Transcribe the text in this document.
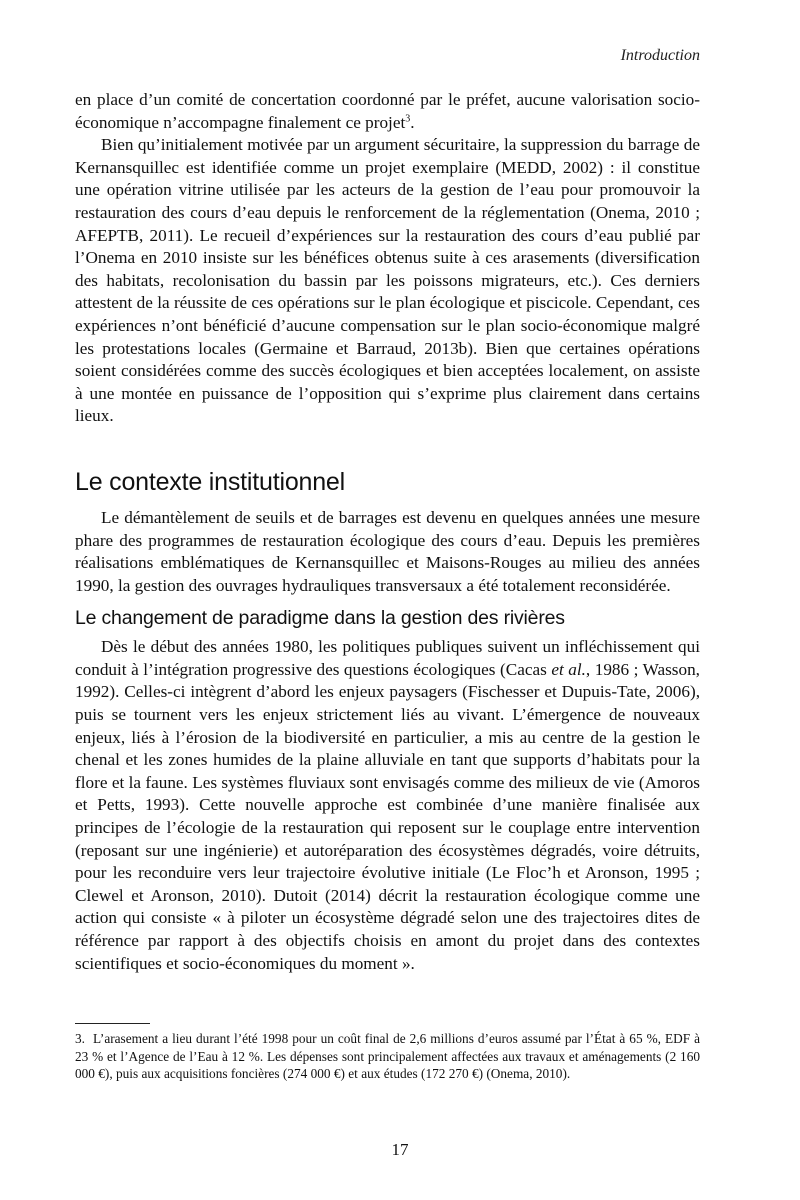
Introduction

en place d’un comité de concertation coordonné par le préfet, aucune valorisation socio-économique n’accompagne finalement ce projet$^3$.

Bien qu’initialement motivée par un argument sécuritaire, la suppression du barrage de Kernansquillec est identifiée comme un projet exemplaire (MEDD, 2002) : il constitue une opération vitrine utilisée par les acteurs de la gestion de l’eau pour promouvoir la restauration des cours d’eau depuis le renforcement de la réglementation (Onema, 2010 ; AFEPTB, 2011). Le recueil d’expériences sur la restauration des cours d’eau publié par l’Onema en 2010 insiste sur les bénéfices obtenus suite à ces arasements (diversification des habitats, recolonisation du bassin par les poissons migrateurs, etc.). Ces derniers attestent de la réussite de ces opérations sur le plan écologique et piscicole. Cependant, ces expériences n’ont bénéficié d’aucune compensation sur le plan socio-économique malgré les protestations locales (Germaine et Barraud, 2013b). Bien que certaines opérations soient considérées comme des succès écologiques et bien acceptées localement, on assiste à une montée en puissance de l’opposition qui s’exprime plus clairement dans certains lieux.

Le contexte institutionnel

Le démantèlement de seuils et de barrages est devenu en quelques années une mesure phare des programmes de restauration écologique des cours d’eau. Depuis les premières réalisations emblématiques de Kernansquillec et Maisons-Rouges au milieu des années 1990, la gestion des ouvrages hydrauliques transversaux a été totalement reconsidérée.

Le changement de paradigme dans la gestion des rivières

Dès le début des années 1980, les politiques publiques suivent un infléchissement qui conduit à l’intégration progressive des questions écologiques (Cacas et al., 1986 ; Wasson, 1992). Celles-ci intègrent d’abord les enjeux paysagers (Fischesser et Dupuis-Tate, 2006), puis se tournent vers les enjeux strictement liés au vivant. L’émergence de nouveaux enjeux, liés à l’érosion de la biodiversité en particulier, a mis au centre de la gestion le chenal et les zones humides de la plaine alluviale en tant que supports d’habitats pour la flore et la faune. Les systèmes fluviaux sont envisagés comme des milieux de vie (Amoros et Petts, 1993). Cette nouvelle approche est combinée d’une manière finalisée aux principes de l’écologie de la restauration qui reposent sur le couplage entre intervention (reposant sur une ingénierie) et autoréparation des écosystèmes dégradés, voire détruits, pour les reconduire vers leur trajectoire évolutive initiale (Le Floc’h et Aronson, 1995 ; Clewel et Aronson, 2010). Dutoit (2014) décrit la restauration écologique comme une action qui consiste « à piloter un écosystème dégradé selon une des trajectoires dites de référence par rapport à des objectifs choisis en amont du projet dans des contextes scientifiques et socio-économiques du moment ».

3. L’arasement a lieu durant l’été 1998 pour un coût final de 2,6 millions d’euros assumé par l’État à 65 %, EDF à 23 % et l’Agence de l’Eau à 12 %. Les dépenses sont principalement affectées aux travaux et aménagements (2 160 000 €), puis aux acquisitions foncières (274 000 €) et aux études (172 270 €) (Onema, 2010).

17
